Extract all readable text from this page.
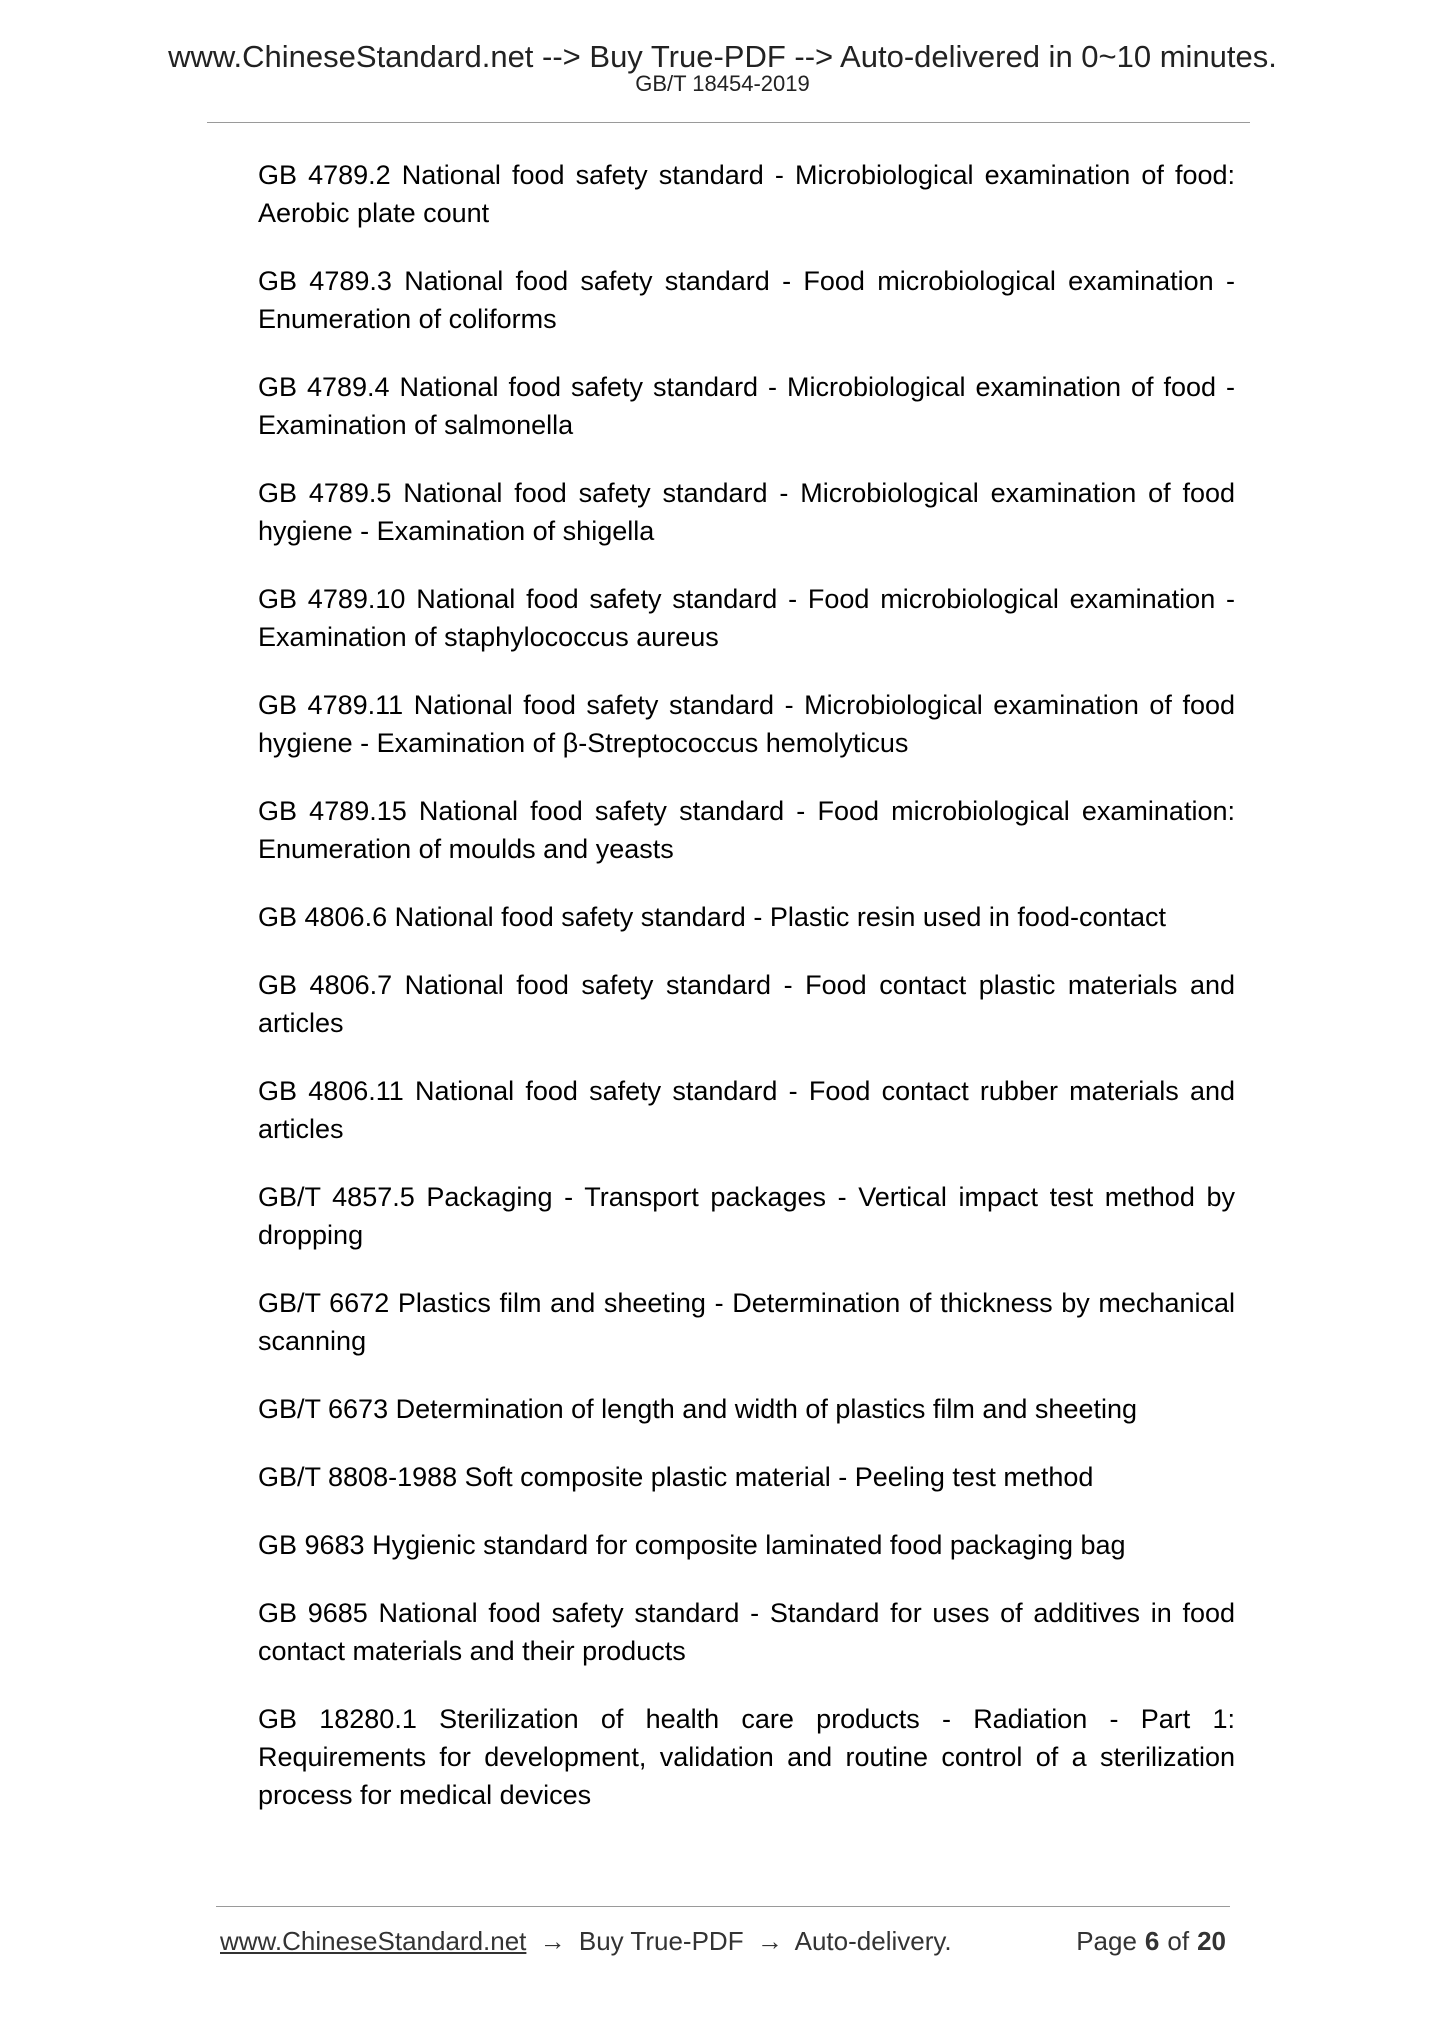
www.ChineseStandard.net --> Buy True-PDF --> Auto-delivered in 0~10 minutes.
GB/T 18454-2019
GB 4789.2 National food safety standard - Microbiological examination of food: Aerobic plate count
GB 4789.3 National food safety standard - Food microbiological examination - Enumeration of coliforms
GB 4789.4 National food safety standard - Microbiological examination of food - Examination of salmonella
GB 4789.5 National food safety standard - Microbiological examination of food hygiene - Examination of shigella
GB 4789.10 National food safety standard - Food microbiological examination - Examination of staphylococcus aureus
GB 4789.11 National food safety standard - Microbiological examination of food hygiene - Examination of β-Streptococcus hemolyticus
GB 4789.15 National food safety standard - Food microbiological examination: Enumeration of moulds and yeasts
GB 4806.6 National food safety standard - Plastic resin used in food-contact
GB 4806.7 National food safety standard - Food contact plastic materials and articles
GB 4806.11 National food safety standard - Food contact rubber materials and articles
GB/T 4857.5 Packaging - Transport packages - Vertical impact test method by dropping
GB/T 6672 Plastics film and sheeting - Determination of thickness by mechanical scanning
GB/T 6673 Determination of length and width of plastics film and sheeting
GB/T 8808-1988 Soft composite plastic material - Peeling test method
GB 9683 Hygienic standard for composite laminated food packaging bag
GB 9685 National food safety standard - Standard for uses of additives in food contact materials and their products
GB 18280.1 Sterilization of health care products - Radiation - Part 1: Requirements for development, validation and routine control of a sterilization process for medical devices
www.ChineseStandard.net → Buy True-PDF → Auto-delivery.	Page 6 of 20
